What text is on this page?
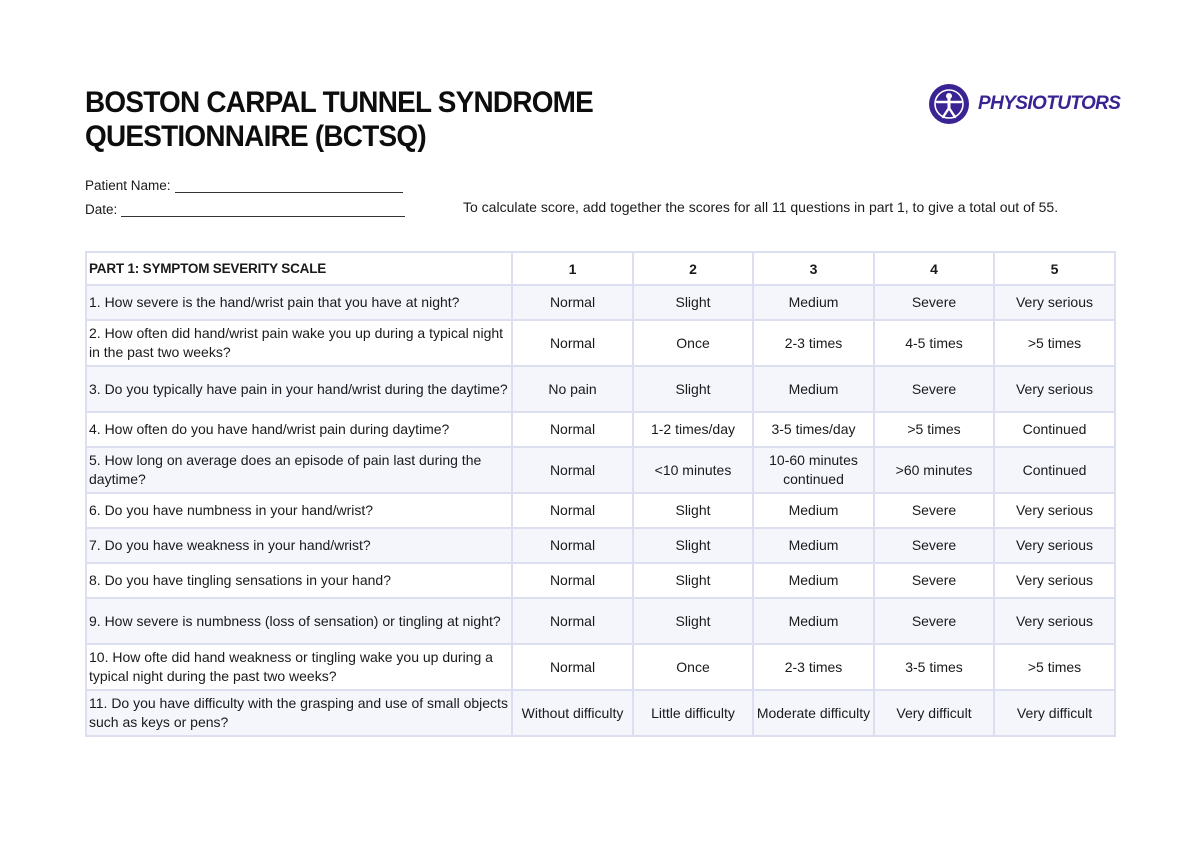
BOSTON CARPAL TUNNEL SYNDROME
QUESTIONNAIRE (BCTSQ)
PHYSIOTUTORS
Patient Name:
Date:	To calculate score, add together the scores for all 11 questions in part 1, to give a total out of 55.
PART 1: SYMPTOM SEVERITY SCALE	1	2	3	4	5
1. How severe is the hand/wrist pain that you have at night?	Normal	Slight	Medium	Severe	Very serious
2. How often did hand/wrist pain wake you up during a typical night in the past two weeks?	Normal	Once	2-3 times	4-5 times	>5 times
3. Do you typically have pain in your hand/wrist during the daytime?	No pain	Slight	Medium	Severe	Very serious
4. How often do you have hand/wrist pain during daytime?	Normal	1-2 times/day	3-5 times/day	>5 times	Continued
5. How long on average does an episode of pain last during the daytime?	Normal	<10 minutes	10-60 minutes continued	>60 minutes	Continued
6. Do you have numbness in your hand/wrist?	Normal	Slight	Medium	Severe	Very serious
7. Do you have weakness in your hand/wrist?	Normal	Slight	Medium	Severe	Very serious
8. Do you have tingling sensations in your hand?	Normal	Slight	Medium	Severe	Very serious
9. How severe is numbness (loss of sensation) or tingling at night?	Normal	Slight	Medium	Severe	Very serious
10. How ofte did hand weakness or tingling wake you up during a typical night during the past two weeks?	Normal	Once	2-3 times	3-5 times	>5 times
11. Do you have difficulty with the grasping and use of small objects such as keys or pens?	Without difficulty	Little difficulty	Moderate difficulty	Very difficult	Very difficult
